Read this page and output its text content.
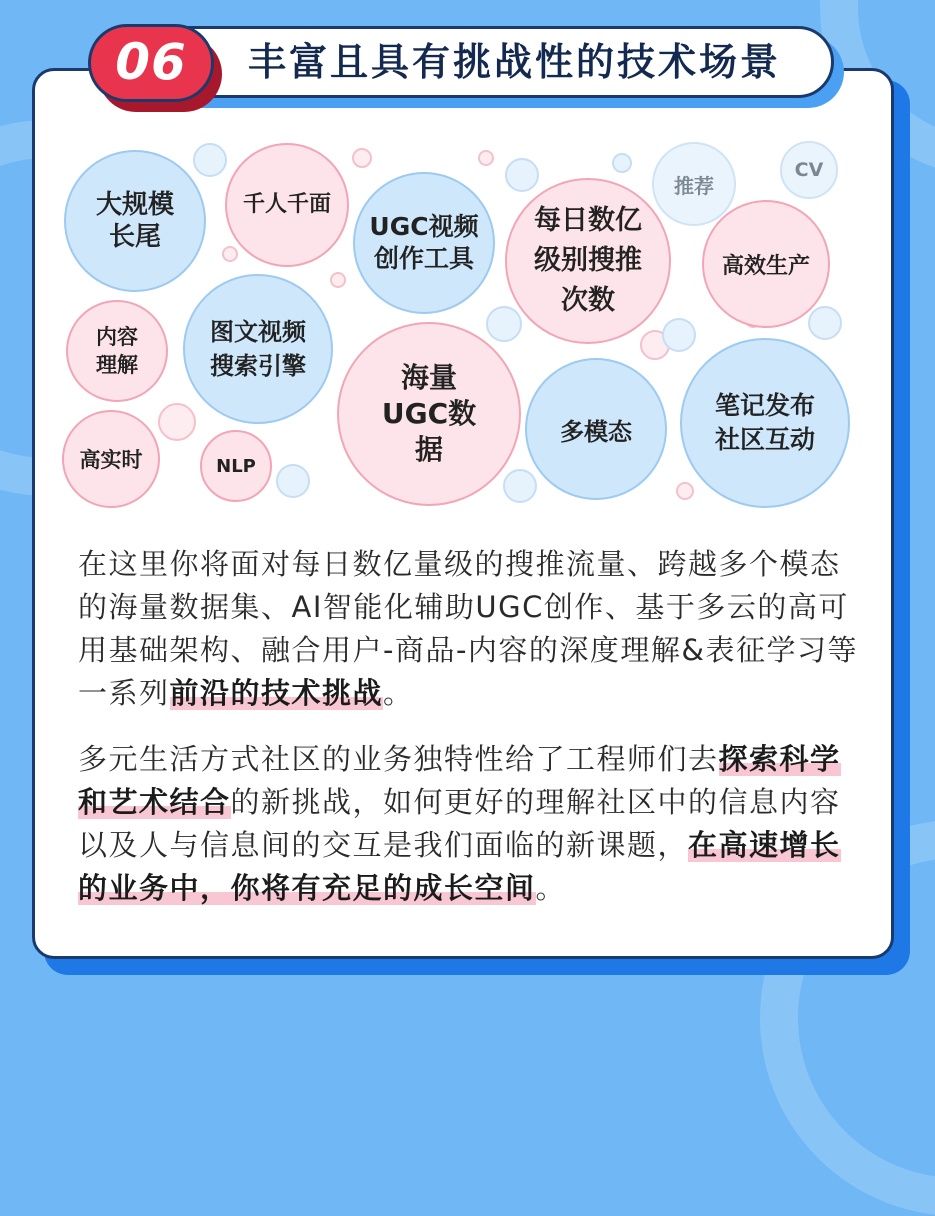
丰富且具有挑战性的技术场景
06
大规模长尾
千人千面
UGC视频创作工具
每日数亿级别搜推次数
推荐
CV
高效生产
内容理解
图文视频搜索引擎	海量UGC数据
多模态
笔记发布社区互动
高实时	NLP

在这里你将面对每日数亿量级的搜推流量、跨越多个模态的海量数据集、AI智能化辅助UGC创作、基于多云的高可用基础架构、融合用户-商品-内容的深度理解&表征学习等一系列前沿的技术挑战。

多元生活方式社区的业务独特性给了工程师们去探索科学和艺术结合的新挑战，如何更好的理解社区中的信息内容以及人与信息间的交互是我们面临的新课题，在高速增长的业务中，你将有充足的成长空间。
